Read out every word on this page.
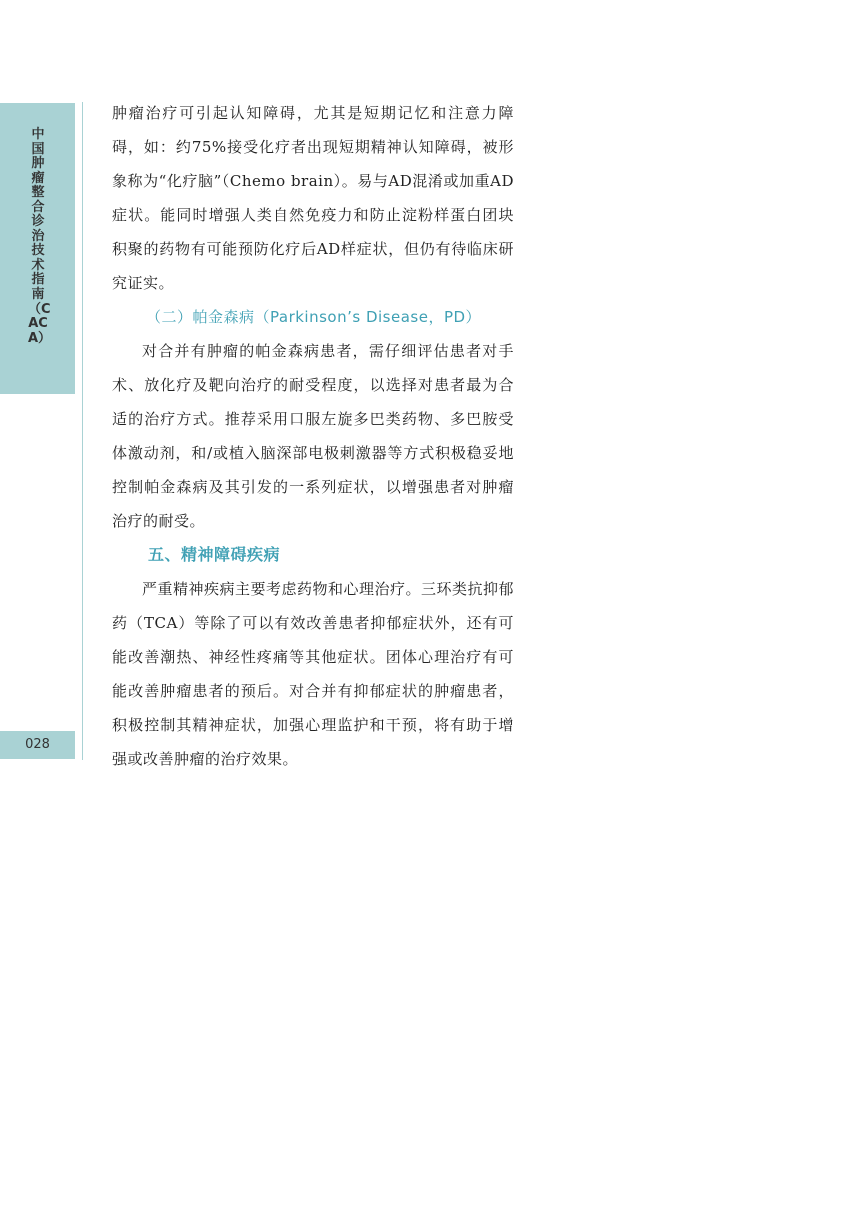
中国肿瘤整合诊治技术指南（CACA）
028

肿瘤治疗可引起认知障碍，尤其是短期记忆和注意力障碍，如：约75%接受化疗者出现短期精神认知障碍，被形象称为“化疗脑”（Chemo brain）。易与AD混淆或加重AD症状。能同时增强人类自然免疫力和防止淀粉样蛋白团块积聚的药物有可能预防化疗后AD样症状，但仍有待临床研究证实。

（二）帕金森病（Parkinson’s Disease，PD）

对合并有肿瘤的帕金森病患者，需仔细评估患者对手术、放化疗及靶向治疗的耐受程度，以选择对患者最为合适的治疗方式。推荐采用口服左旋多巴类药物、多巴胺受体激动剂，和/或植入脑深部电极刺激器等方式积极稳妥地控制帕金森病及其引发的一系列症状，以增强患者对肿瘤治疗的耐受。

五、精神障碍疾病

严重精神疾病主要考虑药物和心理治疗。三环类抗抑郁药（TCA）等除了可以有效改善患者抑郁症状外，还有可能改善潮热、神经性疼痛等其他症状。团体心理治疗有可能改善肿瘤患者的预后。对合并有抑郁症状的肿瘤患者，积极控制其精神症状，加强心理监护和干预，将有助于增强或改善肿瘤的治疗效果。
